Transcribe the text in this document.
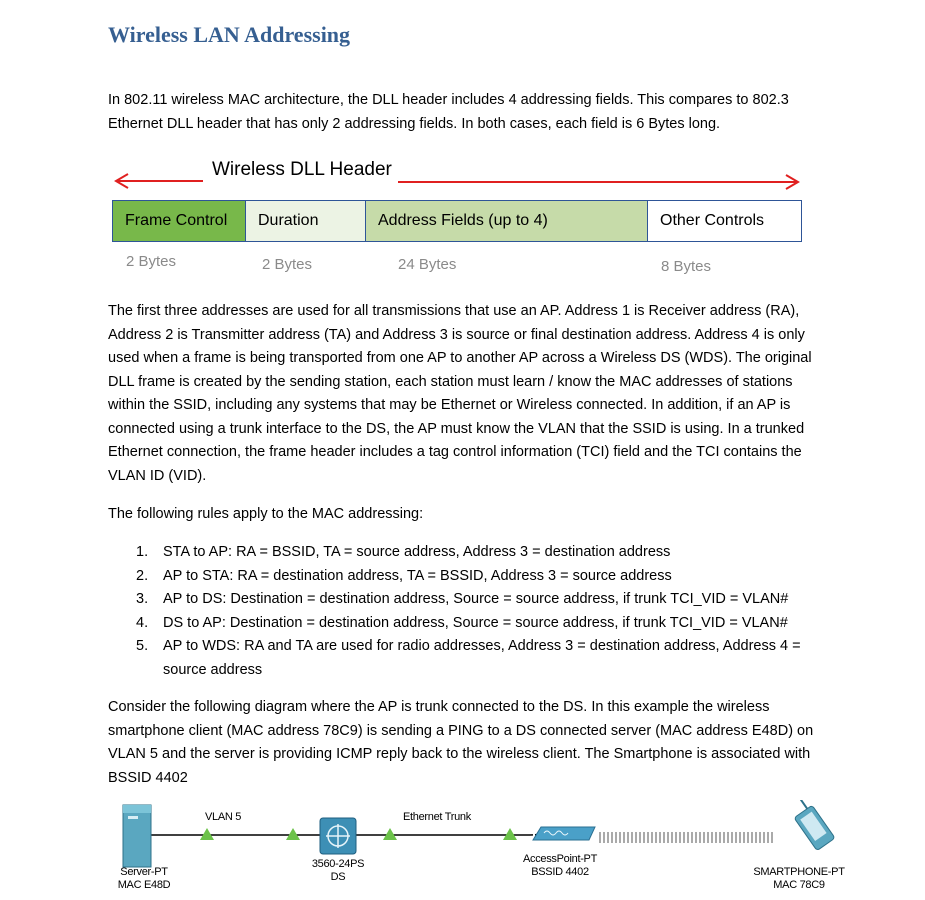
Wireless LAN Addressing

In 802.11 wireless MAC architecture, the DLL header includes 4 addressing fields. This compares to 802.3 Ethernet DLL header that has only 2 addressing fields. In both cases, each field is 6 Bytes long.

Wireless DLL Header
Frame Control	Duration	Address Fields (up to 4)	Other Controls
2 Bytes	2 Bytes	24 Bytes	8 Bytes

The first three addresses are used for all transmissions that use an AP. Address 1 is Receiver address (RA), Address 2 is Transmitter address (TA) and Address 3 is source or final destination address. Address 4 is only used when a frame is being transported from one AP to another AP across a Wireless DS (WDS). The original DLL frame is created by the sending station, each station must learn / know the MAC addresses of stations within the SSID, including any systems that may be Ethernet or Wireless connected. In addition, if an AP is connected using a trunk interface to the DS, the AP must know the VLAN that the SSID is using. In a trunked Ethernet connection, the frame header includes a tag control information (TCI) field and the TCI contains the VLAN ID (VID).

The following rules apply to the MAC addressing:

1.	STA to AP: RA = BSSID, TA = source address, Address 3 = destination address
2.	AP to STA: RA = destination address, TA = BSSID, Address 3 = source address
3.	AP to DS: Destination = destination address, Source = source address, if trunk TCI_VID = VLAN#
4.	DS to AP: Destination = destination address, Source = source address, if trunk TCI_VID = VLAN#
5.	AP to WDS: RA and TA are used for radio addresses, Address 3 = destination address, Address 4 = source address

Consider the following diagram where the AP is trunk connected to the DS. In this example the wireless smartphone client (MAC address 78C9) is sending a PING to a DS connected server (MAC address E48D) on VLAN 5 and the server is providing ICMP reply back to the wireless client. The Smartphone is associated with BSSID 4402

VLAN 5	Ethernet Trunk
Server-PT
MAC E48D
3560-24PS
DS
AccessPoint-PT
BSSID 4402	SMARTPHONE-PT
MAC 78C9
